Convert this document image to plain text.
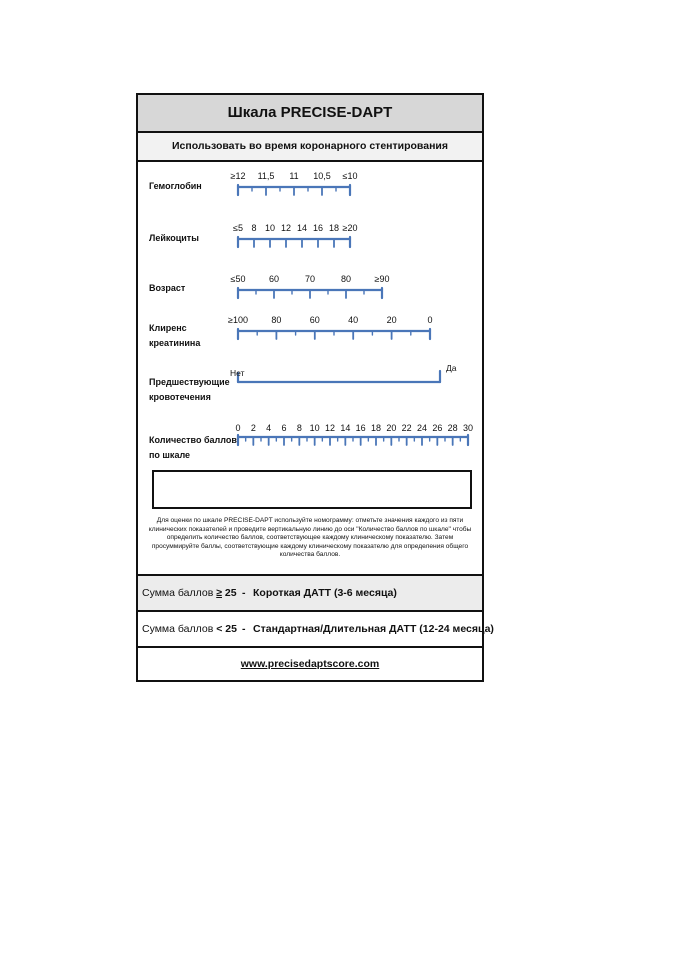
Шкала PRECISE-DAPT
Использовать во время коронарного стентирования
Гемоглобин
Лейкоциты
Возраст
Клиренс
креатинина
Предшествующие
кровотечения
Количество баллов
по шкале
Нет	Да
≥12 11,5 11 10,5 ≤10
≤5 8 10 12 14 16 18 ≥20
≤50	60	70	80	≥90
≥100	80	60	40	20	0
0 2 4 6 8 10 12 14 16 18 20 22 24 26 28 30
Для оценки по шкале PRECISE-DAPT используйте номограмму: отметьте значения каждого из пяти клинических показателей и проведите вертикальную линию до оси "Количество баллов по шкале" чтобы определить количество баллов, соответствующее каждому клиническому показателю. Затем просуммируйте баллы, соответствующие каждому клиническому показателю для определения общего количества баллов.
Сумма баллов ≥ 25 - Короткая ДАТТ (3-6 месяца)
Сумма баллов < 25 - Стандартная/Длительная ДАТТ (12-24 месяца)
www.precisedaptscore.com
